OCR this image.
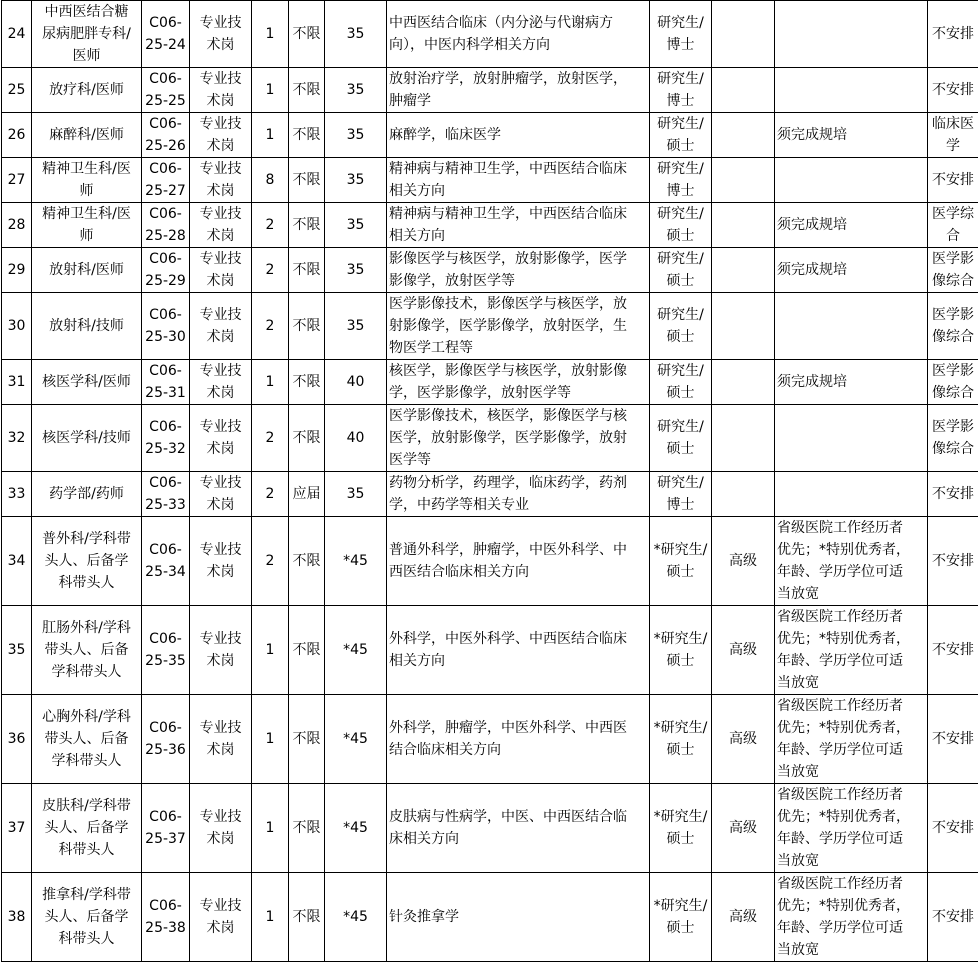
24	中西医结合糖
尿病肥胖专科/
医师	C06-
25-24	专业技
术岗	1	不限	35	中西医结合临床（内分泌与代谢病方
向），中医内科学相关方向	研究生/
博士			不安排
25	放疗科/医师	C06-
25-25	专业技
术岗	1	不限	35	放射治疗学，放射肿瘤学，放射医学，
肿瘤学	研究生/
博士			不安排
26	麻醉科/医师	C06-
25-26	专业技
术岗	1	不限	35	麻醉学，临床医学	研究生/
硕士		须完成规培	临床医
学
27	精神卫生科/医
师	C06-
25-27	专业技
术岗	8	不限	35	精神病与精神卫生学，中西医结合临床
相关方向	研究生/
博士			不安排
28	精神卫生科/医
师	C06-
25-28	专业技
术岗	2	不限	35	精神病与精神卫生学，中西医结合临床
相关方向	研究生/
硕士		须完成规培	医学综
合
29	放射科/医师	C06-
25-29	专业技
术岗	2	不限	35	影像医学与核医学，放射影像学，医学
影像学，放射医学等	研究生/
硕士		须完成规培	医学影
像综合
30	放射科/技师	C06-
25-30	专业技
术岗	2	不限	35	医学影像技术，影像医学与核医学，放
射影像学，医学影像学，放射医学，生
物医学工程等	研究生/
硕士			医学影
像综合
31	核医学科/医师	C06-
25-31	专业技
术岗	1	不限	40	核医学，影像医学与核医学，放射影像
学，医学影像学，放射医学等	研究生/
硕士		须完成规培	医学影
像综合
32	核医学科/技师	C06-
25-32	专业技
术岗	2	不限	40	医学影像技术，核医学，影像医学与核
医学，放射影像学，医学影像学，放射
医学等	研究生/
硕士			医学影
像综合
33	药学部/药师	C06-
25-33	专业技
术岗	2	应届	35	药物分析学，药理学，临床药学，药剂
学，中药学等相关专业	研究生/
博士			不安排
34	普外科/学科带
头人、后备学
科带头人	C06-
25-34	专业技
术岗	2	不限	*45	普通外科学，肿瘤学，中医外科学、中
西医结合临床相关方向	*研究生/
硕士	高级	省级医院工作经历者
优先；*特别优秀者，
年龄、学历学位可适
当放宽	不安排
35	肛肠外科/学科
带头人、后备
学科带头人	C06-
25-35	专业技
术岗	1	不限	*45	外科学，中医外科学、中西医结合临床
相关方向	*研究生/
硕士	高级	省级医院工作经历者
优先；*特别优秀者，
年龄、学历学位可适
当放宽	不安排
36	心胸外科/学科
带头人、后备
学科带头人	C06-
25-36	专业技
术岗	1	不限	*45	外科学，肿瘤学，中医外科学、中西医
结合临床相关方向	*研究生/
硕士	高级	省级医院工作经历者
优先；*特别优秀者，
年龄、学历学位可适
当放宽	不安排
37	皮肤科/学科带
头人、后备学
科带头人	C06-
25-37	专业技
术岗	1	不限	*45	皮肤病与性病学，中医、中西医结合临
床相关方向	*研究生/
硕士	高级	省级医院工作经历者
优先；*特别优秀者，
年龄、学历学位可适
当放宽	不安排
38	推拿科/学科带
头人、后备学
科带头人	C06-
25-38	专业技
术岗	1	不限	*45	针灸推拿学	*研究生/
硕士	高级	省级医院工作经历者
优先；*特别优秀者，
年龄、学历学位可适
当放宽	不安排
